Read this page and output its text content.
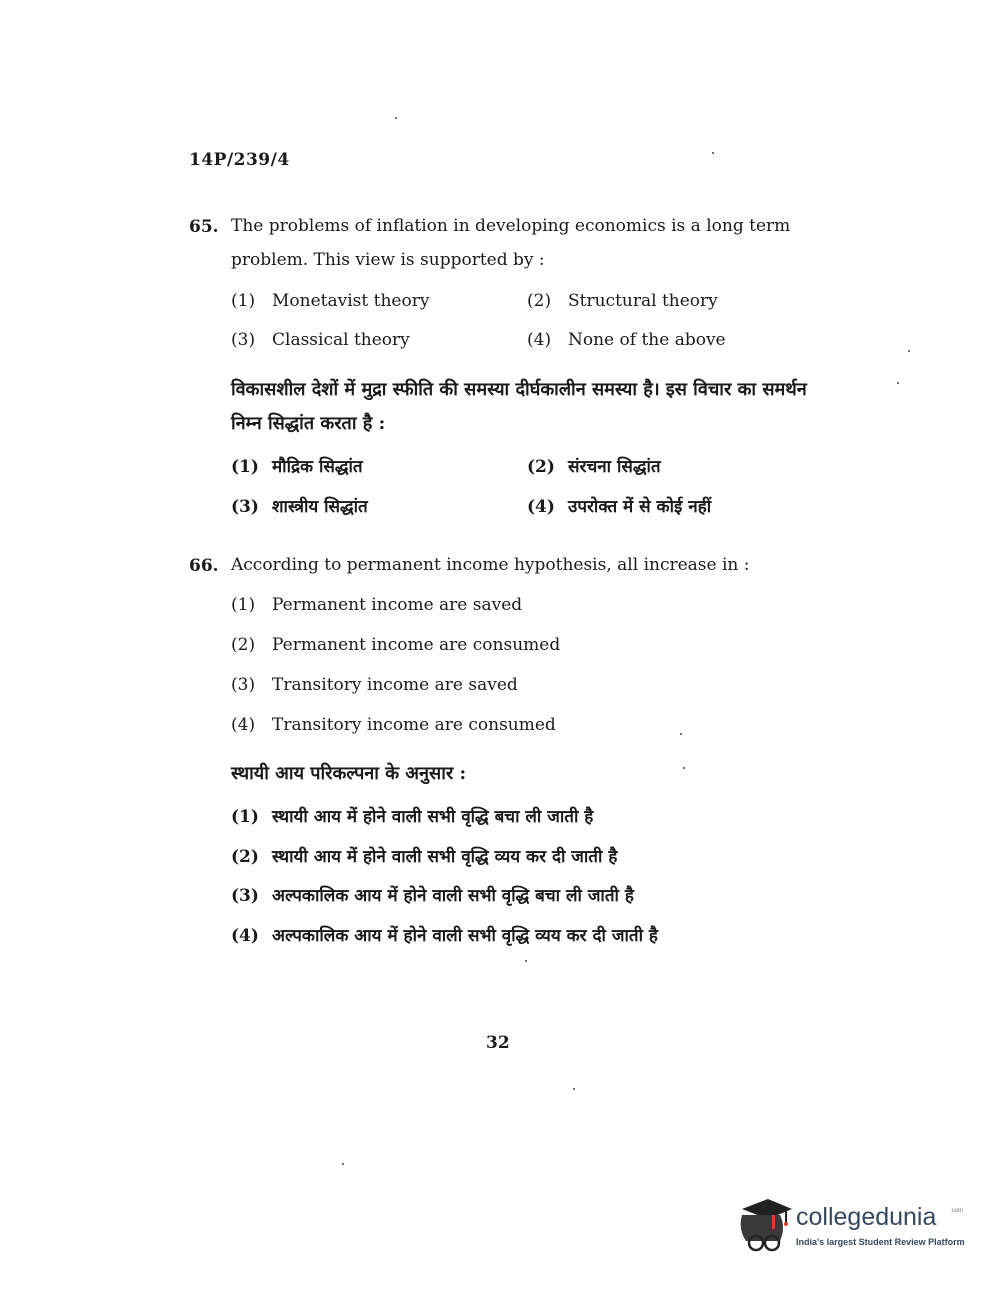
14P/239/4
65. The problems of inflation in developing economics is a long term problem. This view is supported by :
(1) Monetavist theory	(2) Structural theory
(3) Classical theory	(4) None of the above
विकासशील देशों में मुद्रा स्फीति की समस्या दीर्घकालीन समस्या है। इस विचार का समर्थन निम्न सिद्धांत करता है :
(1) मौद्रिक सिद्धांत	(2) संरचना सिद्धांत
(3) शास्त्रीय सिद्धांत	(4) उपरोक्त में से कोई नहीं
66. According to permanent income hypothesis, all increase in :
(1) Permanent income are saved
(2) Permanent income are consumed
(3) Transitory income are saved
(4) Transitory income are consumed
स्थायी आय परिकल्पना के अनुसार :
(1) स्थायी आय में होने वाली सभी वृद्धि बचा ली जाती है
(2) स्थायी आय में होने वाली सभी वृद्धि व्यय कर दी जाती है
(3) अल्पकालिक आय में होने वाली सभी वृद्धि बचा ली जाती है
(4) अल्पकालिक आय में होने वाली सभी वृद्धि व्यय कर दी जाती है
32
collegedunia .com
India's largest Student Review Platform
